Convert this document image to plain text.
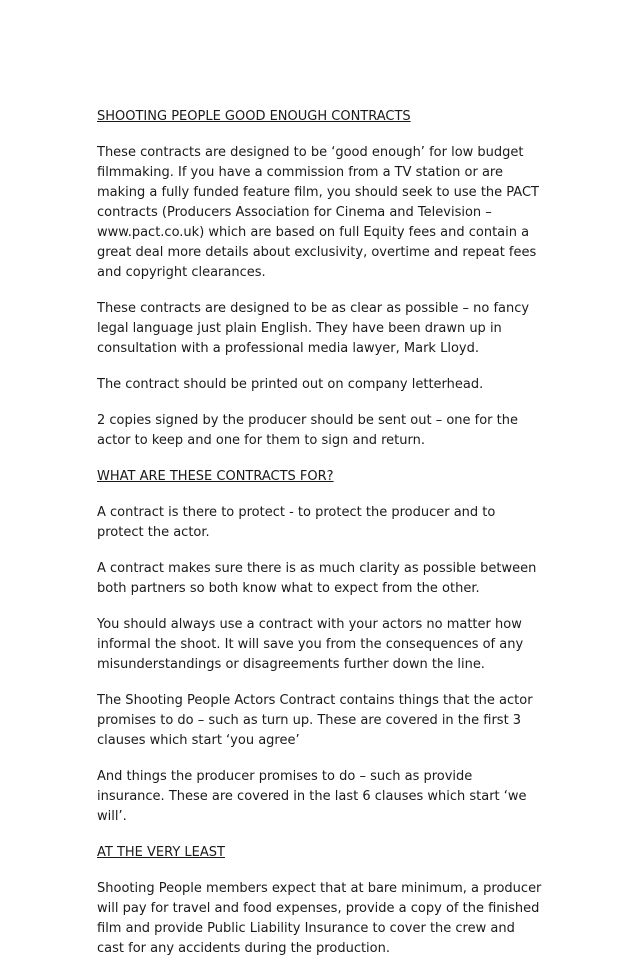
SHOOTING PEOPLE GOOD ENOUGH CONTRACTS
These contracts are designed to be ‘good enough’ for low budget
filmmaking. If you have a commission from a TV station or are
making a fully funded feature film, you should seek to use the PACT
contracts (Producers Association for Cinema and Television –
www.pact.co.uk) which are based on full Equity fees and contain a
great deal more details about exclusivity, overtime and repeat fees
and copyright clearances.
These contracts are designed to be as clear as possible – no fancy
legal language just plain English. They have been drawn up in
consultation with a professional media lawyer, Mark Lloyd.
The contract should be printed out on company letterhead.
2 copies signed by the producer should be sent out – one for the
actor to keep and one for them to sign and return.
WHAT ARE THESE CONTRACTS FOR?
A contract is there to protect - to protect the producer and to
protect the actor.
A contract makes sure there is as much clarity as possible between
both partners so both know what to expect from the other.
You should always use a contract with your actors no matter how
informal the shoot. It will save you from the consequences of any
misunderstandings or disagreements further down the line.
The Shooting People Actors Contract contains things that the actor
promises to do – such as turn up. These are covered in the first 3
clauses which start ‘you agree’
And things the producer promises to do – such as provide
insurance. These are covered in the last 6 clauses which start ‘we
will’.
AT THE VERY LEAST
Shooting People members expect that at bare minimum, a producer
will pay for travel and food expenses, provide a copy of the finished
film and provide Public Liability Insurance to cover the crew and
cast for any accidents during the production.
